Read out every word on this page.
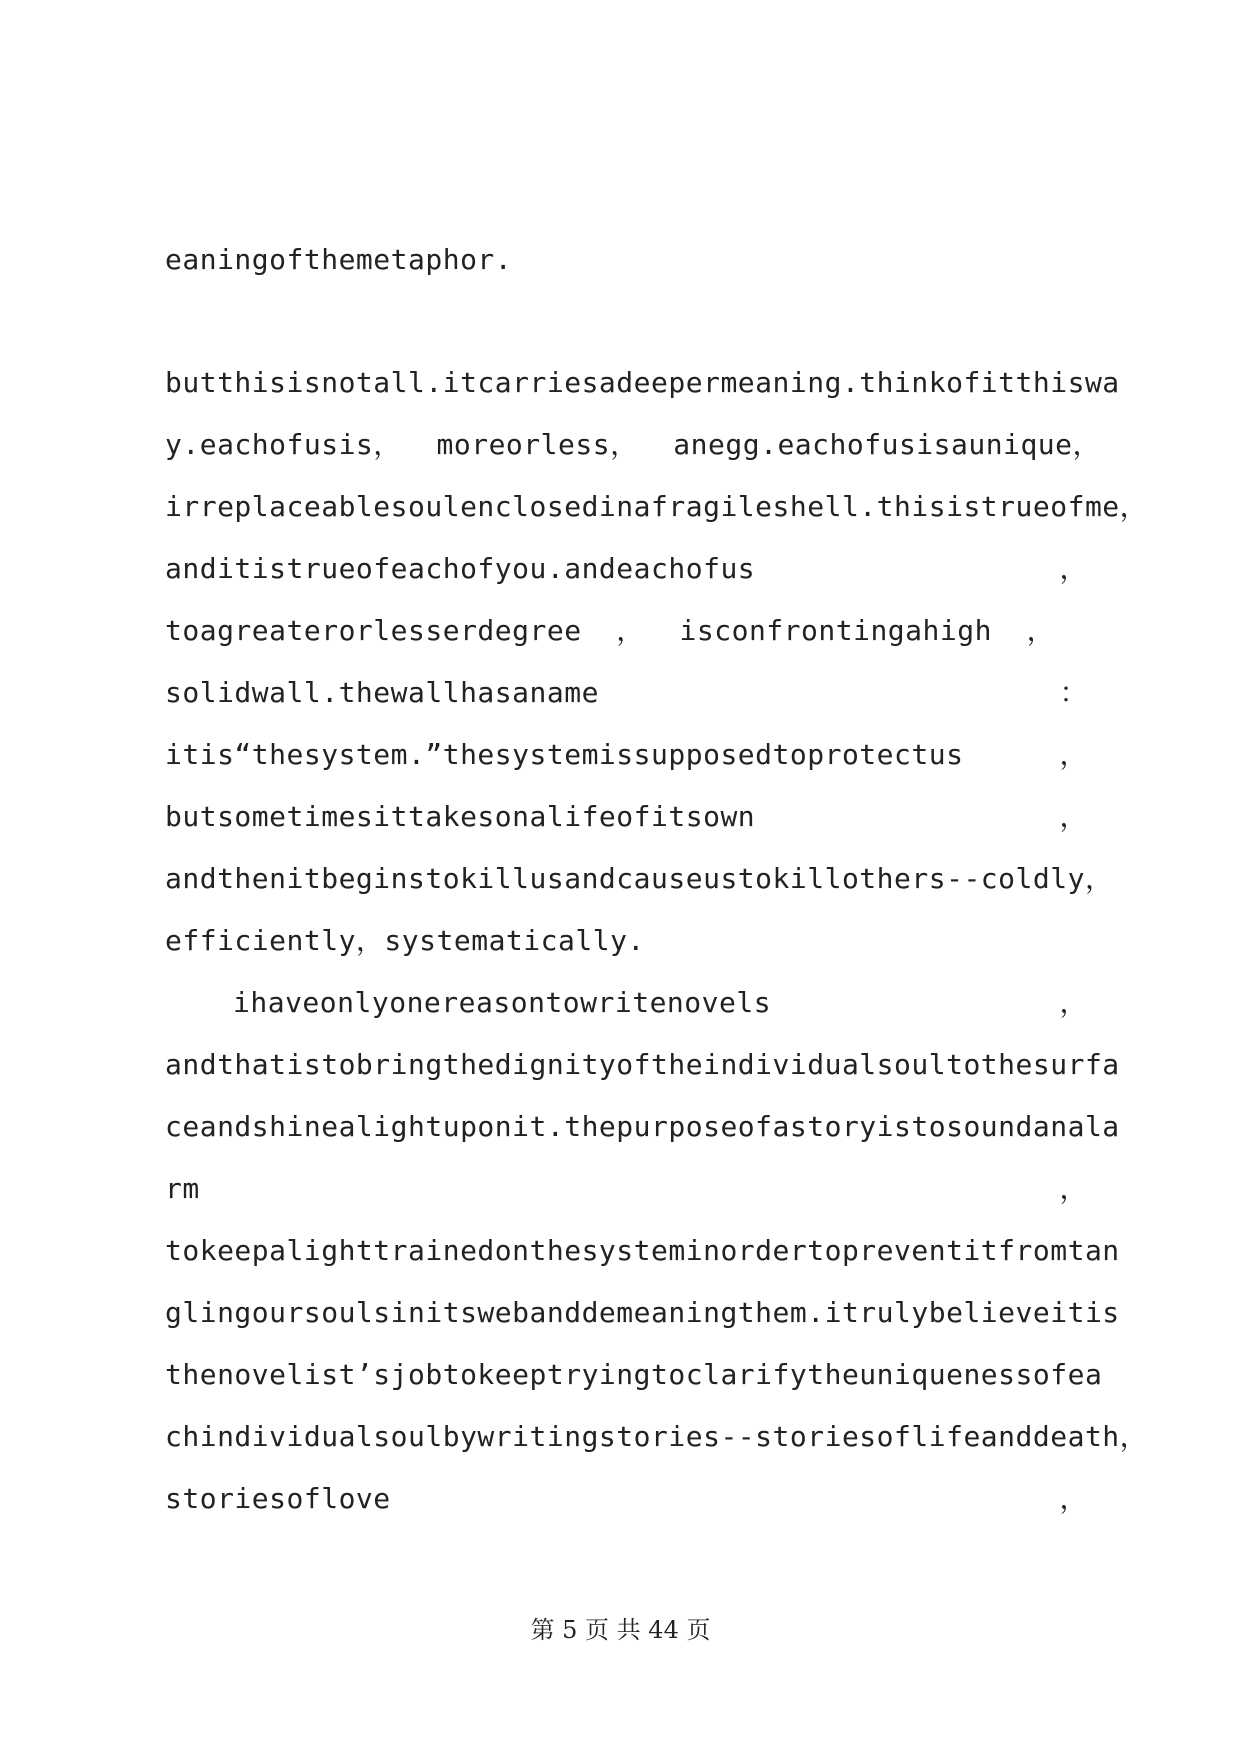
eaningofthemetaphor.
butthisisnotall.itcarriesadeepermeaning.thinkofitthiswa
y.eachofusis，  moreorless，  anegg.eachofusisaunique，
irreplaceablesoulenclosedinafragileshell.thisistrueofme，
anditistrueofeachofyou.andeachofus	，
toagreaterorlesserdegree  ，  isconfrontingahigh  ，
solidwall.thewallhasaname	：
itis“thesystem.”thesystemissupposedtoprotectus	，
butsometimesittakesonalifeofitsown	，
andthenitbeginstokillusandcauseustokillothers--coldly，
efficiently，systematically.
ihaveonlyonereasontowritenovels	，
andthatistobringthedignityoftheindividualsoultothesurfa
ceandshinealightuponit.thepurposeofastoryistosoundanala
rm	，
tokeepalighttrainedonthesysteminordertopreventitfromtan
glingoursoulsinitswebanddemeaningthem.itrulybelieveitis
thenovelist’sjobtokeeptryingtoclarifytheuniquenessofea
chindividualsoulbywritingstories--storiesoflifeanddeath，
storiesoflove	，
第 5 页 共 44 页
